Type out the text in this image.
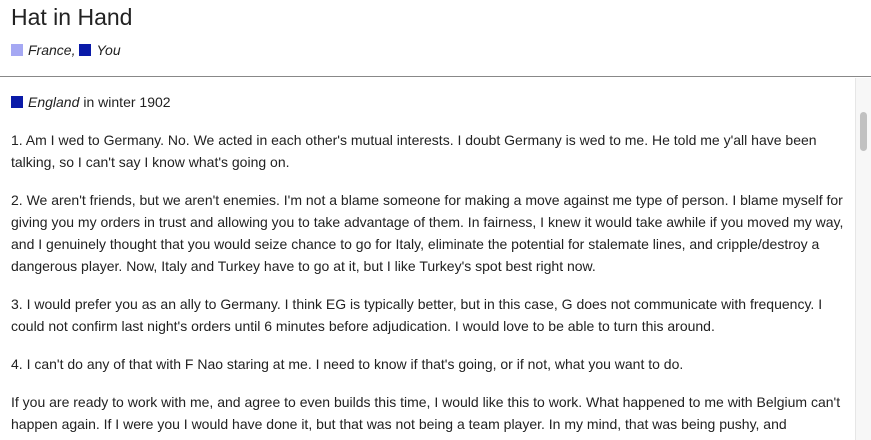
Hat in Hand
France , You
England in winter 1902

1. Am I wed to Germany. No. We acted in each other's mutual interests. I doubt Germany is wed to me. He told me y'all have been talking, so I can't say I know what's going on.

2. We aren't friends, but we aren't enemies. I'm not a blame someone for making a move against me type of person. I blame myself for giving you my orders in trust and allowing you to take advantage of them. In fairness, I knew it would take awhile if you moved my way, and I genuinely thought that you would seize chance to go for Italy, eliminate the potential for stalemate lines, and cripple/destroy a dangerous player. Now, Italy and Turkey have to go at it, but I like Turkey's spot best right now.

3. I would prefer you as an ally to Germany. I think EG is typically better, but in this case, G does not communicate with frequency. I could not confirm last night's orders until 6 minutes before adjudication. I would love to be able to turn this around.

4. I can't do any of that with F Nao staring at me. I need to know if that's going, or if not, what you want to do.

If you are ready to work with me, and agree to even builds this time, I would like this to work. What happened to me with Belgium can't happen again. If I were you I would have done it, but that was not being a team player. In my mind, that was being pushy, and
